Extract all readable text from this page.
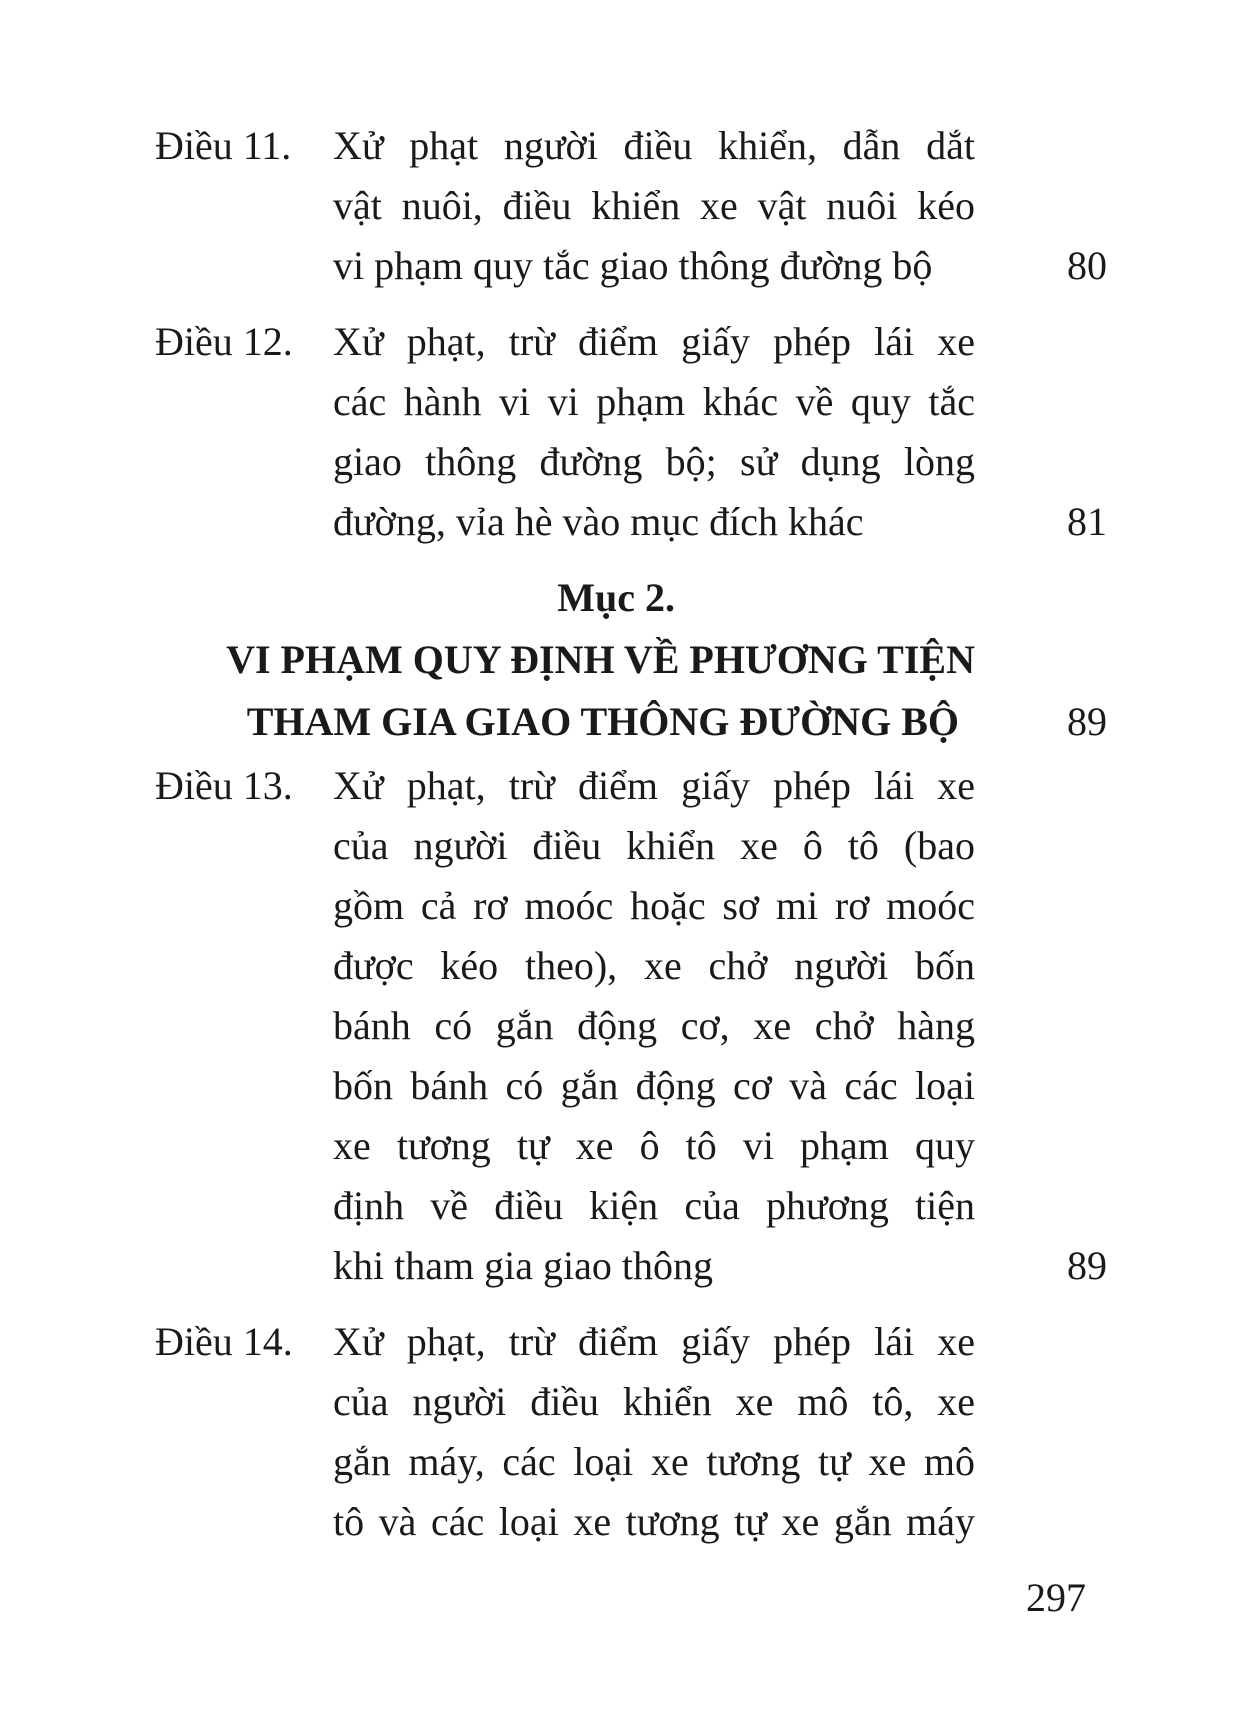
Điều 11. Xử phạt người điều khiển, dẫn dắt
vật nuôi, điều khiển xe vật nuôi kéo
vi phạm quy tắc giao thông đường bộ	80
Điều 12. Xử phạt, trừ điểm giấy phép lái xe
các hành vi vi phạm khác về quy tắc
giao thông đường bộ; sử dụng lòng
đường, vỉa hè vào mục đích khác	81
Mục 2.
VI PHẠM QUY ĐỊNH VỀ PHƯƠNG TIỆN
THAM GIA GIAO THÔNG ĐƯỜNG BỘ	89
Điều 13. Xử phạt, trừ điểm giấy phép lái xe
của người điều khiển xe ô tô (bao
gồm cả rơ moóc hoặc sơ mi rơ moóc
được kéo theo), xe chở người bốn
bánh có gắn động cơ, xe chở hàng
bốn bánh có gắn động cơ và các loại
xe tương tự xe ô tô vi phạm quy
định về điều kiện của phương tiện
khi tham gia giao thông	89
Điều 14. Xử phạt, trừ điểm giấy phép lái xe
của người điều khiển xe mô tô, xe
gắn máy, các loại xe tương tự xe mô
tô và các loại xe tương tự xe gắn máy
297
